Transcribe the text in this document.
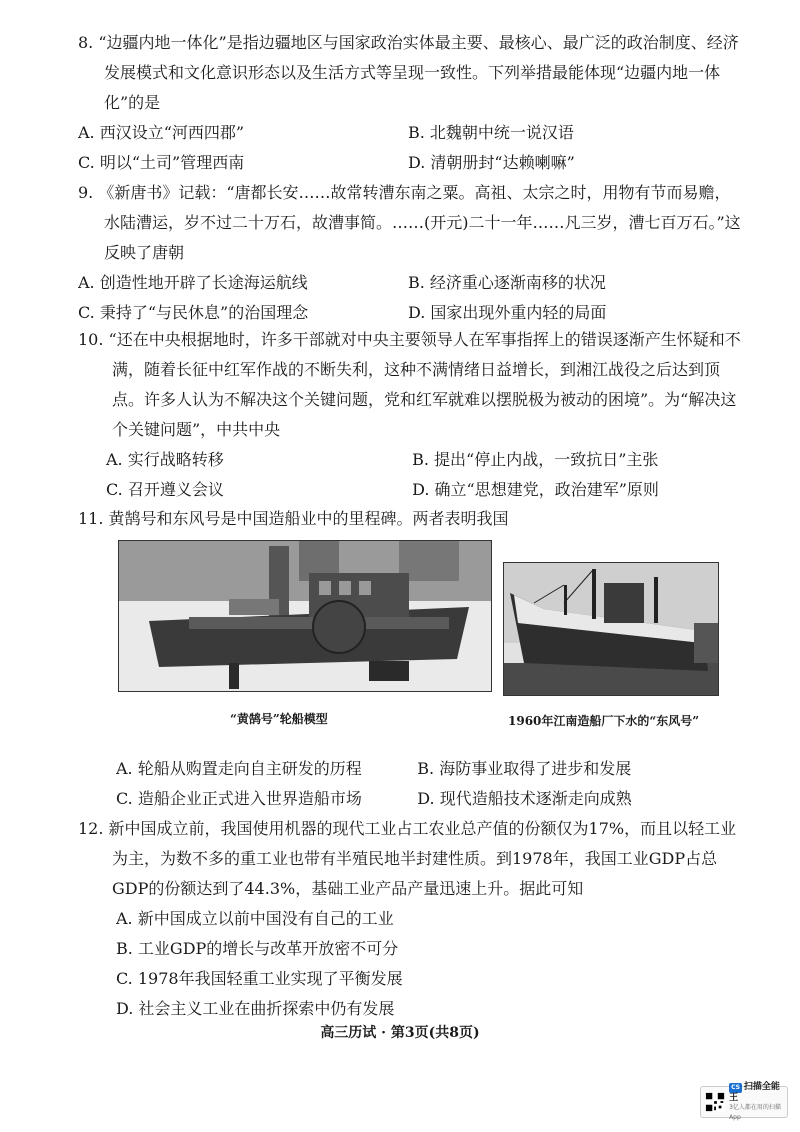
8. “边疆内地一体化”是指边疆地区与国家政治实体最主要、最核心、最广泛的政治制度、经济发展模式和文化意识形态以及生活方式等呈现一致性。下列举措最能体现“边疆内地一体化”的是
A. 西汉设立“河西四郡”	B. 北魏朝中统一说汉语
C. 明以“土司”管理西南	D. 清朝册封“达赖喇嘛”
9. 《新唐书》记载：“唐都长安……故常转漕东南之粟。高祖、太宗之时，用物有节而易赡，水陆漕运，岁不过二十万石，故漕事简。……(开元)二十一年……凡三岁，漕七百万石。”这反映了唐朝
A. 创造性地开辟了长途海运航线	B. 经济重心逐渐南移的状况
C. 秉持了“与民休息”的治国理念	D. 国家出现外重内轻的局面
10. “还在中央根据地时，许多干部就对中央主要领导人在军事指挥上的错误逐渐产生怀疑和不满，随着长征中红军作战的不断失利，这种不满情绪日益增长，到湘江战役之后达到顶点。许多人认为不解决这个关键问题，党和红军就难以摆脱极为被动的困境”。为“解决这个关键问题”，中共中央
A. 实行战略转移	B. 提出“停止内战，一致抗日”主张
C. 召开遵义会议	D. 确立“思想建党，政治建军”原则
11. 黄鹄号和东风号是中国造船业中的里程碑。两者表明我国
“黄鹄号”轮船模型	1960年江南造船厂下水的“东风号”
A. 轮船从购置走向自主研发的历程	B. 海防事业取得了进步和发展
C. 造船企业正式进入世界造船市场	D. 现代造船技术逐渐走向成熟
12. 新中国成立前，我国使用机器的现代工业占工农业总产值的份额仅为17%，而且以轻工业为主，为数不多的重工业也带有半殖民地半封建性质。到1978年，我国工业GDP占总GDP的份额达到了44.3%，基础工业产品产量迅速上升。据此可知
A. 新中国成立以前中国没有自己的工业
B. 工业GDP的增长与改革开放密不可分
C. 1978年我国轻重工业实现了平衡发展
D. 社会主义工业在曲折探索中仍有发展
高三历试 · 第3页(共8页)
CS 扫描全能王
3亿人都在用的扫描App
